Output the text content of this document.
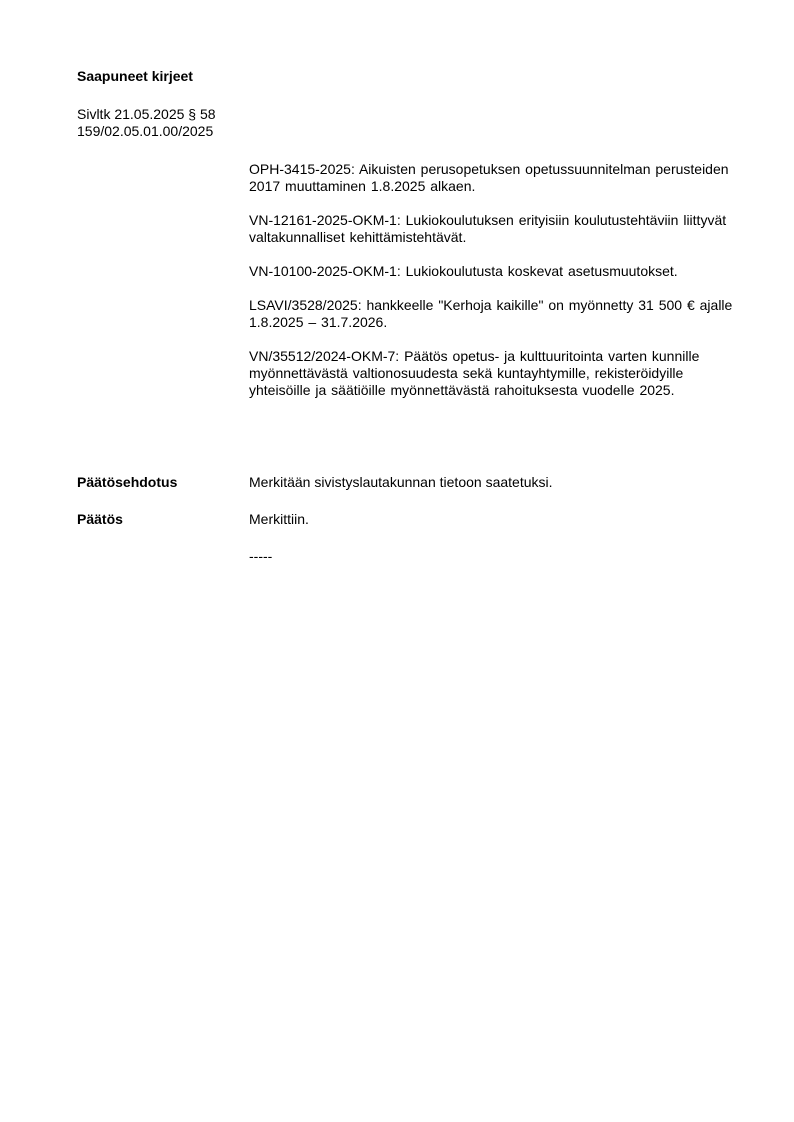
Saapuneet kirjeet
Sivltk 21.05.2025 § 58
159/02.05.01.00/2025

OPH-3415-2025: Aikuisten perusopetuksen opetussuunnitelman perusteiden 2017 muuttaminen 1.8.2025 alkaen.

VN-12161-2025-OKM-1: Lukiokoulutuksen erityisiin koulutustehtäviin liittyvät valtakunnalliset kehittämistehtävät.

VN-10100-2025-OKM-1: Lukiokoulutusta koskevat asetusmuutokset.

LSAVI/3528/2025: hankkeelle "Kerhoja kaikille" on myönnetty 31 500 € ajalle 1.8.2025 – 31.7.2026.

VN/35512/2024-OKM-7: Päätös opetus- ja kulttuuritointa varten kunnille myönnettävästä valtionosuudesta sekä kuntayhtymille, rekisteröidyille yhteisöille ja säätiöille myönnettävästä rahoituksesta vuodelle 2025.

Päätösehdotus	Merkitään sivistyslautakunnan tietoon saatetuksi.
Päätös	Merkittiin.
-----
